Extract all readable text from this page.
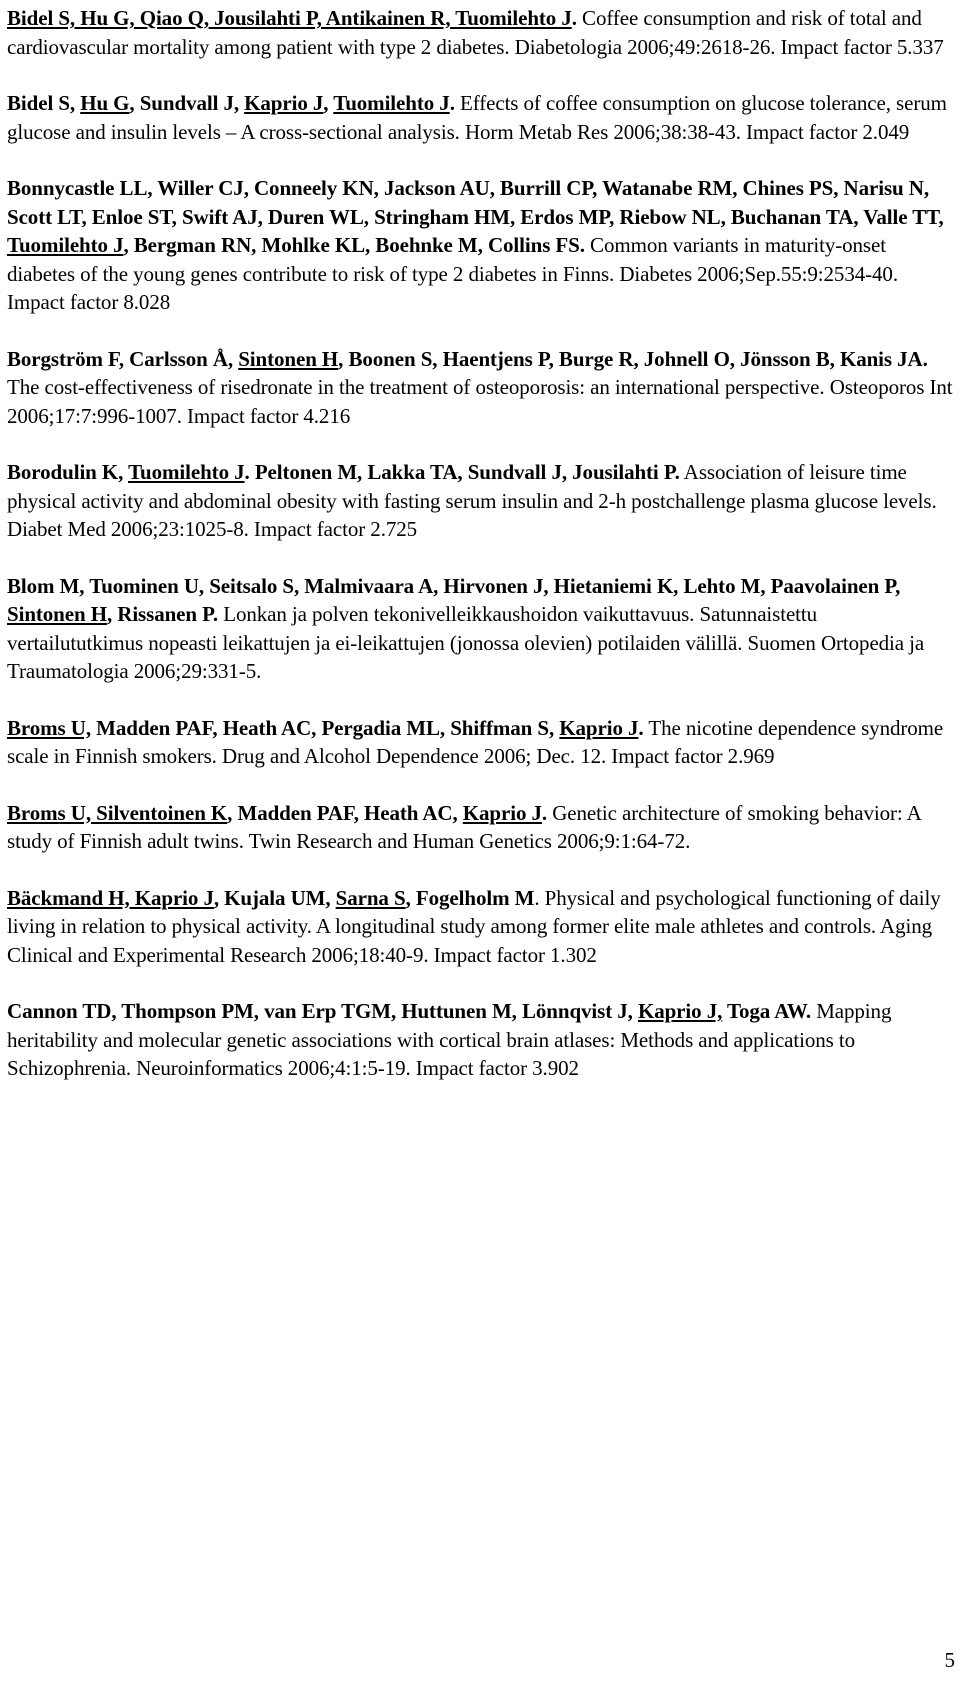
Bidel S, Hu G, Qiao Q, Jousilahti P, Antikainen R, Tuomilehto J. Coffee consumption and risk of total and cardiovascular mortality among patient with type 2 diabetes. Diabetologia 2006;49:2618-26. Impact factor 5.337

Bidel S, Hu G, Sundvall J, Kaprio J, Tuomilehto J. Effects of coffee consumption on glucose tolerance, serum glucose and insulin levels – A cross-sectional analysis. Horm Metab Res 2006;38:38-43. Impact factor 2.049

Bonnycastle LL, Willer CJ, Conneely KN, Jackson AU, Burrill CP, Watanabe RM, Chines PS, Narisu N, Scott LT, Enloe ST, Swift AJ, Duren WL, Stringham HM, Erdos MP, Riebow NL, Buchanan TA, Valle TT, Tuomilehto J, Bergman RN, Mohlke KL, Boehnke M, Collins FS. Common variants in maturity-onset diabetes of the young genes contribute to risk of type 2 diabetes in Finns. Diabetes 2006;Sep.55:9:2534-40. Impact factor 8.028

Borgström F, Carlsson Å, Sintonen H, Boonen S, Haentjens P, Burge R, Johnell O, Jönsson B, Kanis JA. The cost-effectiveness of risedronate in the treatment of osteoporosis: an international perspective. Osteoporos Int 2006;17:7:996-1007. Impact factor 4.216

Borodulin K, Tuomilehto J. Peltonen M, Lakka TA, Sundvall J, Jousilahti P. Association of leisure time physical activity and abdominal obesity with fasting serum insulin and 2-h postchallenge plasma glucose levels. Diabet Med 2006;23:1025-8. Impact factor 2.725

Blom M, Tuominen U, Seitsalo S, Malmivaara A, Hirvonen J, Hietaniemi K, Lehto M, Paavolainen P, Sintonen H, Rissanen P. Lonkan ja polven tekonivelleikkaushoidon vaikuttavuus. Satunnaistettu vertailututkimus nopeasti leikattujen ja ei-leikattujen (jonossa olevien) potilaiden välillä. Suomen Ortopedia ja Traumatologia 2006;29:331-5.

Broms U, Madden PAF, Heath AC, Pergadia ML, Shiffman S, Kaprio J. The nicotine dependence syndrome scale in Finnish smokers. Drug and Alcohol Dependence 2006; Dec. 12. Impact factor 2.969

Broms U, Silventoinen K, Madden PAF, Heath AC, Kaprio J. Genetic architecture of smoking behavior: A study of Finnish adult twins. Twin Research and Human Genetics 2006;9:1:64-72.

Bäckmand H, Kaprio J, Kujala UM, Sarna S, Fogelholm M. Physical and psychological functioning of daily living in relation to physical activity. A longitudinal study among former elite male athletes and controls. Aging Clinical and Experimental Research 2006;18:40-9. Impact factor 1.302

Cannon TD, Thompson PM, van Erp TGM, Huttunen M, Lönnqvist J, Kaprio J, Toga AW. Mapping heritability and molecular genetic associations with cortical brain atlases: Methods and applications to Schizophrenia. Neuroinformatics 2006;4:1:5-19. Impact factor 3.902

5
